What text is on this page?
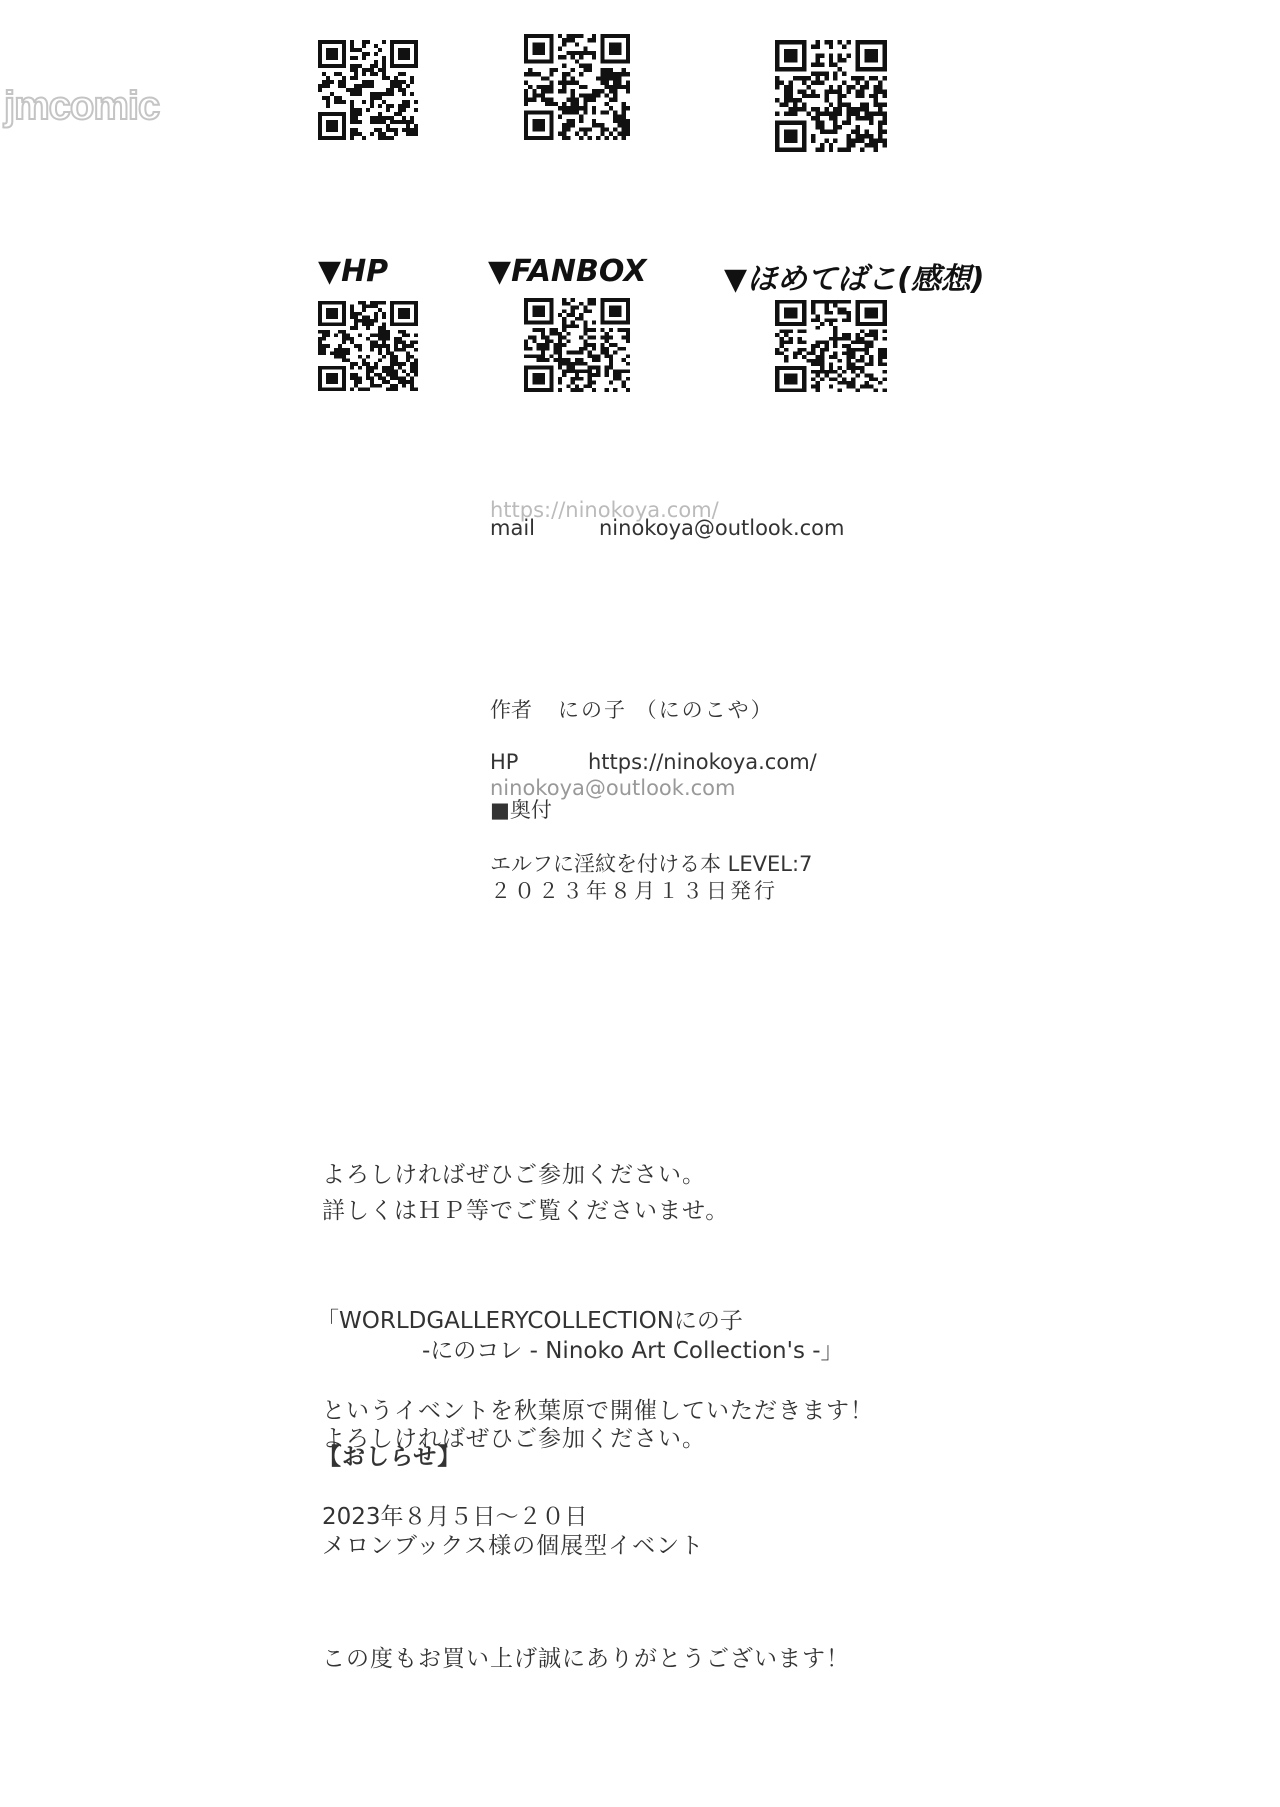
jmcomic
▼HP	▼FANBOX	▼ほめてばこ(感想)
https://ninokoya.com/
mail	ninokoya@outlook.com
作者 にの子 （にのこや）
HP	https://ninokoya.com/
ninokoya@outlook.com
■奥付
エルフに淫紋を付ける本 LEVEL:7
２０２３年８月１３日発行
よろしければぜひご参加ください。
詳しくはＨＰ等でご覧くださいませ。
「WORLDGALLERYCOLLECTIONにの子
-にのコレ - Ninoko Art Collection's -」
というイベントを秋葉原で開催していただきます！
よろしければぜひご参加ください。
【おしらせ】
2023年８月５日～２０日
メロンブックス様の個展型イベント
この度もお買い上げ誠にありがとうございます！
